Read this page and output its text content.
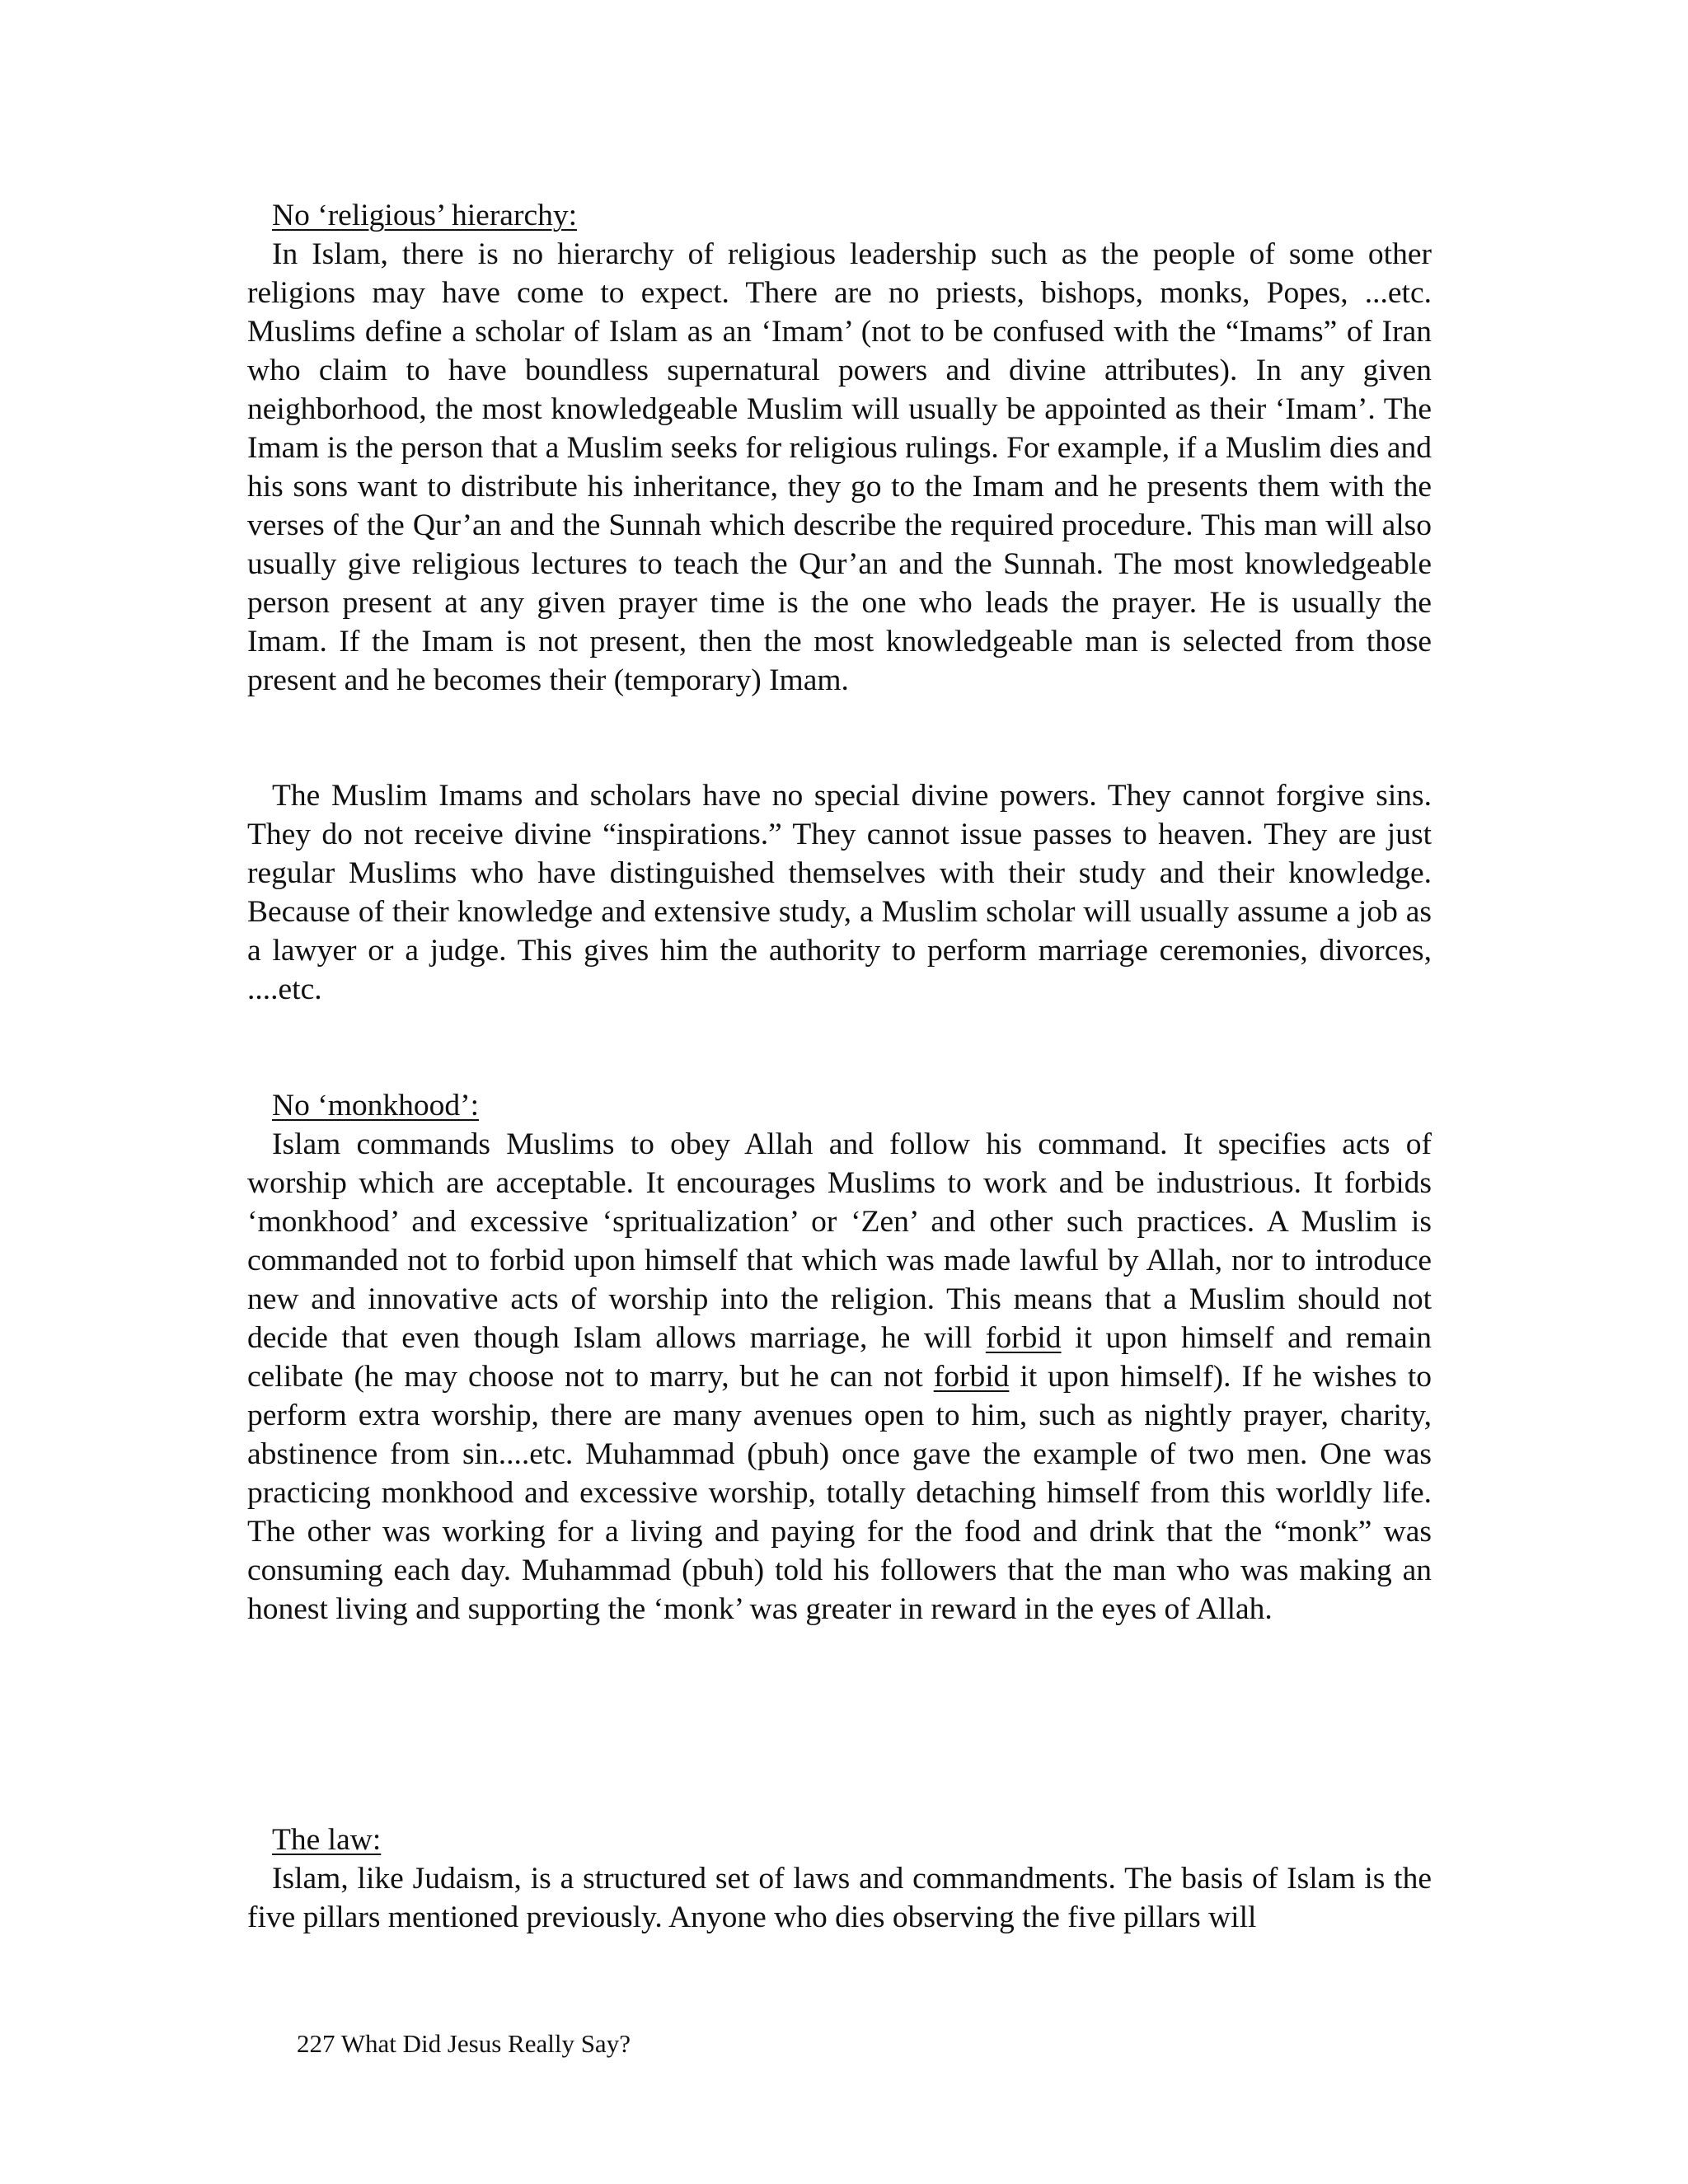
No ‘religious’ hierarchy:
In Islam, there is no hierarchy of religious leadership such as the people of some other religions may have come to expect. There are no priests, bishops, monks, Popes, ...etc. Muslims define a scholar of Islam as an ‘Imam’ (not to be confused with the “Imams” of Iran who claim to have boundless supernatural powers and divine attributes). In any given neighborhood, the most knowledgeable Muslim will usually be appointed as their ‘Imam’. The Imam is the person that a Muslim seeks for religious rulings. For example, if a Muslim dies and his sons want to distribute his inheritance, they go to the Imam and he presents them with the verses of the Qur’an and the Sunnah which describe the required procedure. This man will also usually give religious lectures to teach the Qur’an and the Sunnah. The most knowledgeable person present at any given prayer time is the one who leads the prayer. He is usually the Imam. If the Imam is not present, then the most knowledgeable man is selected from those present and he becomes their (temporary) Imam.
The Muslim Imams and scholars have no special divine powers. They cannot forgive sins. They do not receive divine “inspirations.” They cannot issue passes to heaven. They are just regular Muslims who have distinguished themselves with their study and their knowledge. Because of their knowledge and extensive study, a Muslim scholar will usually assume a job as a lawyer or a judge. This gives him the authority to perform marriage ceremonies, divorces, ....etc.
No ‘monkhood’:
Islam commands Muslims to obey Allah and follow his command. It specifies acts of worship which are acceptable. It encourages Muslims to work and be industrious. It forbids ‘monkhood’ and excessive ‘spritualization’ or ‘Zen’ and other such practices. A Muslim is commanded not to forbid upon himself that which was made lawful by Allah, nor to introduce new and innovative acts of worship into the religion. This means that a Muslim should not decide that even though Islam allows marriage, he will forbid it upon himself and remain celibate (he may choose not to marry, but he can not forbid it upon himself). If he wishes to perform extra worship, there are many avenues open to him, such as nightly prayer, charity, abstinence from sin....etc. Muhammad (pbuh) once gave the example of two men. One was practicing monkhood and excessive worship, totally detaching himself from this worldly life. The other was working for a living and paying for the food and drink that the “monk” was consuming each day. Muhammad (pbuh) told his followers that the man who was making an honest living and supporting the ‘monk’ was greater in reward in the eyes of Allah.
The law:
Islam, like Judaism, is a structured set of laws and commandments. The basis of Islam is the five pillars mentioned previously. Anyone who dies observing the five pillars will
227 What Did Jesus Really Say?
